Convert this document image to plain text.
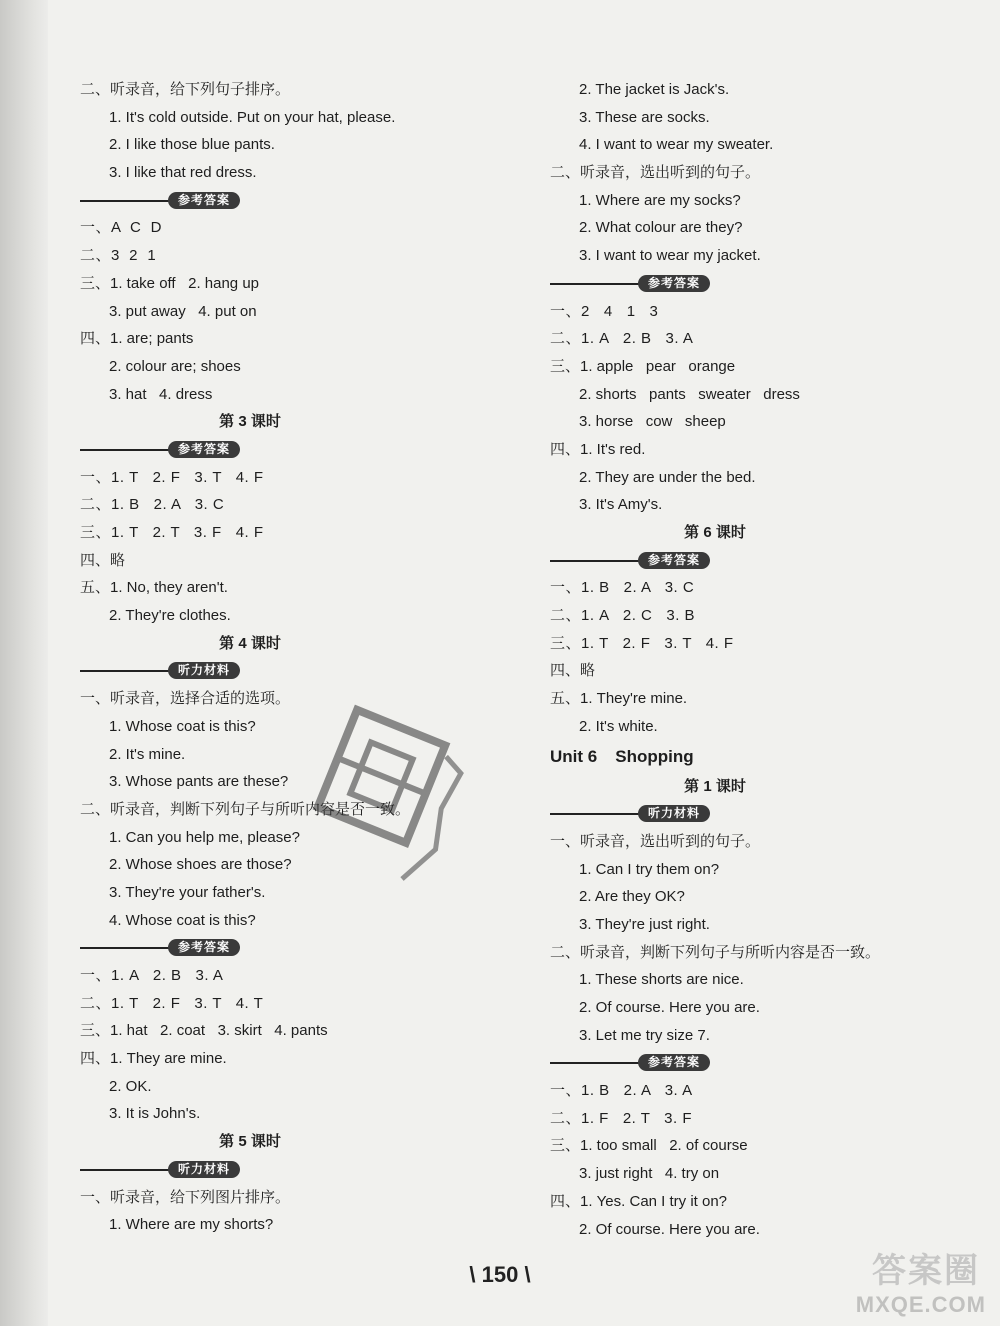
二、听录音，给下列句子排序。
1. It's cold outside. Put on your hat, please.
2. I like those blue pants.
3. I like that red dress.
参考答案
一、A  C  D
二、3  2  1
三、1. take off   2. hang up
3. put away   4. put on
四、1. are; pants
2. colour are; shoes
3. hat   4. dress
第 3 课时
参考答案
一、1. T   2. F   3. T   4. F
二、1. B   2. A   3. C
三、1. T   2. T   3. F   4. F
四、略
五、1. No, they aren't.
2. They're clothes.
第 4 课时
听力材料
一、听录音，选择合适的选项。
1. Whose coat is this?
2. It's mine.
3. Whose pants are these?
二、听录音，判断下列句子与所听内容是否一致。
1. Can you help me, please?
2. Whose shoes are those?
3. They're your father's.
4. Whose coat is this?
参考答案
一、1. A   2. B   3. A
二、1. T   2. F   3. T   4. T
三、1. hat   2. coat   3. skirt   4. pants
四、1. They are mine.
2. OK.
3. It is John's.
第 5 课时
听力材料
一、听录音，给下列图片排序。
1. Where are my shorts?
2. The jacket is Jack's.
3. These are socks.
4. I want to wear my sweater.
二、听录音，选出听到的句子。
1. Where are my socks?
2. What colour are they?
3. I want to wear my jacket.
参考答案
一、2   4   1   3
二、1. A   2. B   3. A
三、1. apple   pear   orange
2. shorts   pants   sweater   dress
3. horse   cow   sheep
四、1. It's red.
2. They are under the bed.
3. It's Amy's.
第 6 课时
参考答案
一、1. B   2. A   3. C
二、1. A   2. C   3. B
三、1. T   2. F   3. T   4. F
四、略
五、1. They're mine.
2. It's white.
Unit 6 Shopping
第 1 课时
听力材料
一、听录音，选出听到的句子。
1. Can I try them on?
2. Are they OK?
3. They're just right.
二、听录音，判断下列句子与所听内容是否一致。
1. These shorts are nice.
2. Of course. Here you are.
3. Let me try size 7.
参考答案
一、1. B   2. A   3. A
二、1. F   2. T   3. F
三、1. too small   2. of course
3. just right   4. try on
四、1. Yes. Can I try it on?
2. Of course. Here you are.
\ 150 \	答案圈
MXQE.COM
